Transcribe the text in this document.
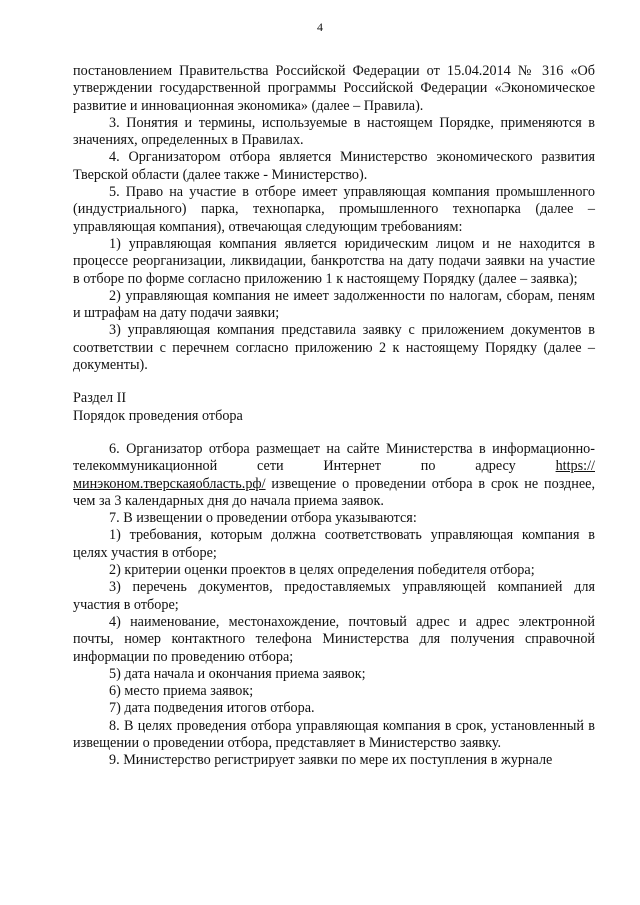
4

постановлением Правительства Российской Федерации от 15.04.2014 № 316 «Об утверждении государственной программы Российской Федерации «Экономическое развитие и инновационная экономика» (далее – Правила).

3. Понятия и термины, используемые в настоящем Порядке, применяются в значениях, определенных в Правилах.

4. Организатором отбора является Министерство экономического развития Тверской области (далее также - Министерство).

5. Право на участие в отборе имеет управляющая компания промышленного (индустриального) парка, технопарка, промышленного технопарка (далее – управляющая компания), отвечающая следующим требованиям:

1) управляющая компания является юридическим лицом и не находится в процессе реорганизации, ликвидации, банкротства на дату подачи заявки на участие в отборе по форме согласно приложению 1 к настоящему Порядку (далее – заявка);

2) управляющая компания не имеет задолженности по налогам, сборам, пеням и штрафам на дату подачи заявки;

3) управляющая компания представила заявку с приложением документов в соответствии с перечнем согласно приложению 2 к настоящему Порядку (далее – документы).

Раздел II

Порядок проведения отбора

6. Организатор отбора размещает на сайте Министерства в информационно-телекоммуникационной сети Интернет по адресу https://минэконом.тверскаяобласть.рф/ извещение о проведении отбора в срок не позднее, чем за 3 календарных дня до начала приема заявок.

7. В извещении о проведении отбора указываются:

1) требования, которым должна соответствовать управляющая компания в целях участия в отборе;

2) критерии оценки проектов в целях определения победителя отбора;

3) перечень документов, предоставляемых управляющей компанией для участия в отборе;

4) наименование, местонахождение, почтовый адрес и адрес электронной почты, номер контактного телефона Министерства для получения справочной информации по проведению отбора;

5) дата начала и окончания приема заявок;

6) место приема заявок;

7) дата подведения итогов отбора.

8. В целях проведения отбора управляющая компания в срок, установленный в извещении о проведении отбора, представляет в Министерство заявку.

9. Министерство регистрирует заявки по мере их поступления в журнале
